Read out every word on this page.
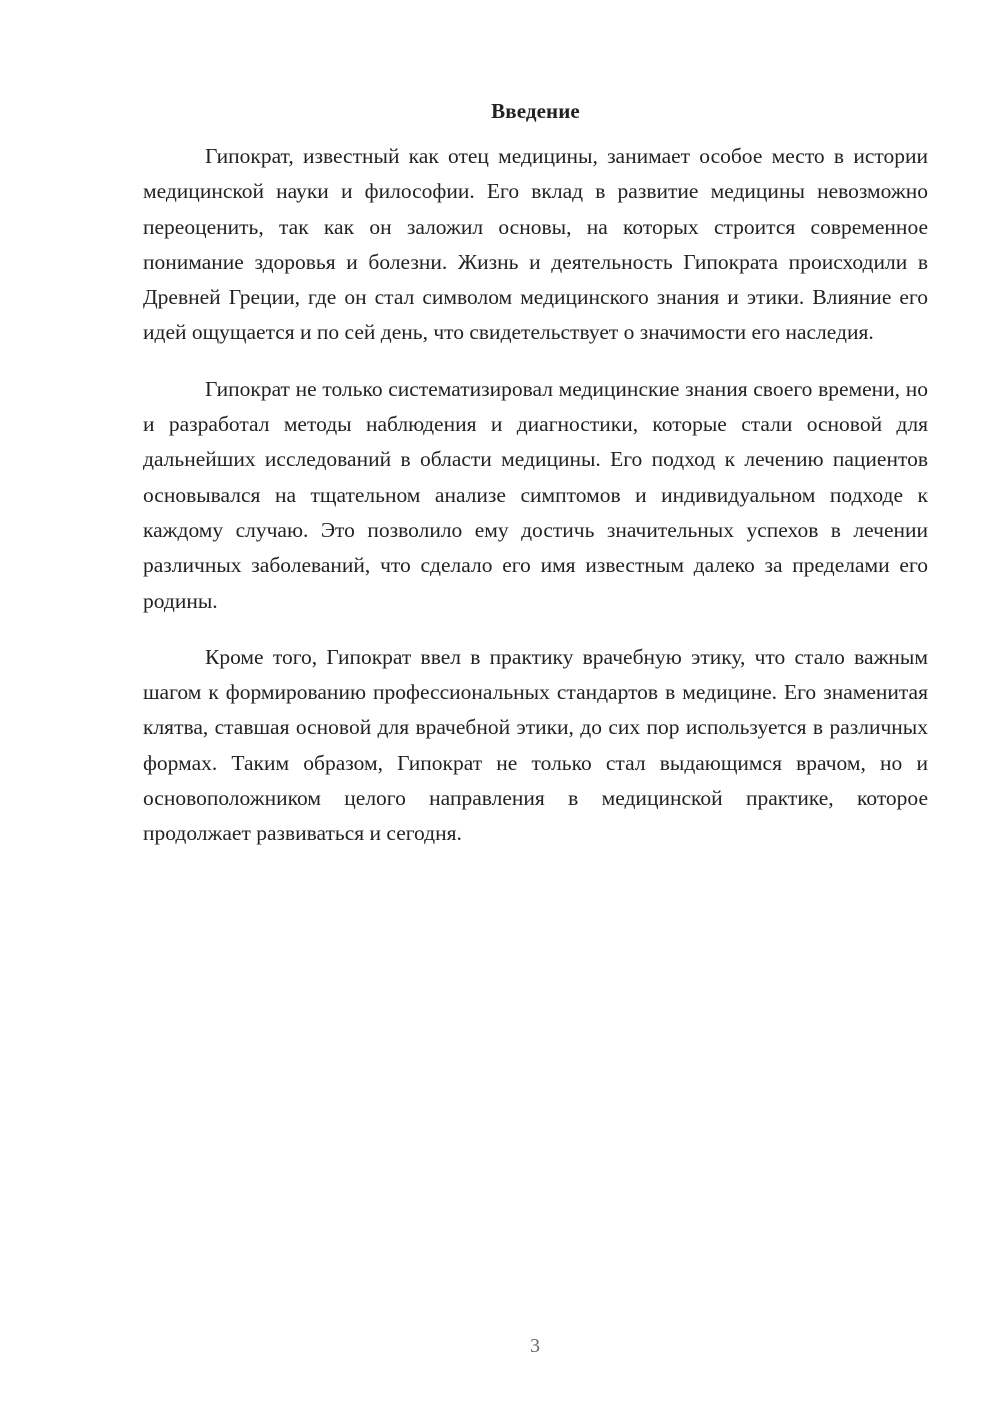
Введение

Гипократ, известный как отец медицины, занимает особое место в истории медицинской науки и философии. Его вклад в развитие медицины невозможно переоценить, так как он заложил основы, на которых строится современное понимание здоровья и болезни. Жизнь и деятельность Гипократа происходили в Древней Греции, где он стал символом медицинского знания и этики. Влияние его идей ощущается и по сей день, что свидетельствует о значимости его наследия.

Гипократ не только систематизировал медицинские знания своего времени, но и разработал методы наблюдения и диагностики, которые стали основой для дальнейших исследований в области медицины. Его подход к лечению пациентов основывался на тщательном анализе симптомов и индивидуальном подходе к каждому случаю. Это позволило ему достичь значительных успехов в лечении различных заболеваний, что сделало его имя известным далеко за пределами его родины.

Кроме того, Гипократ ввел в практику врачебную этику, что стало важным шагом к формированию профессиональных стандартов в медицине. Его знаменитая клятва, ставшая основой для врачебной этики, до сих пор используется в различных формах. Таким образом, Гипократ не только стал выдающимся врачом, но и основоположником целого направления в медицинской практике, которое продолжает развиваться и сегодня.

3
